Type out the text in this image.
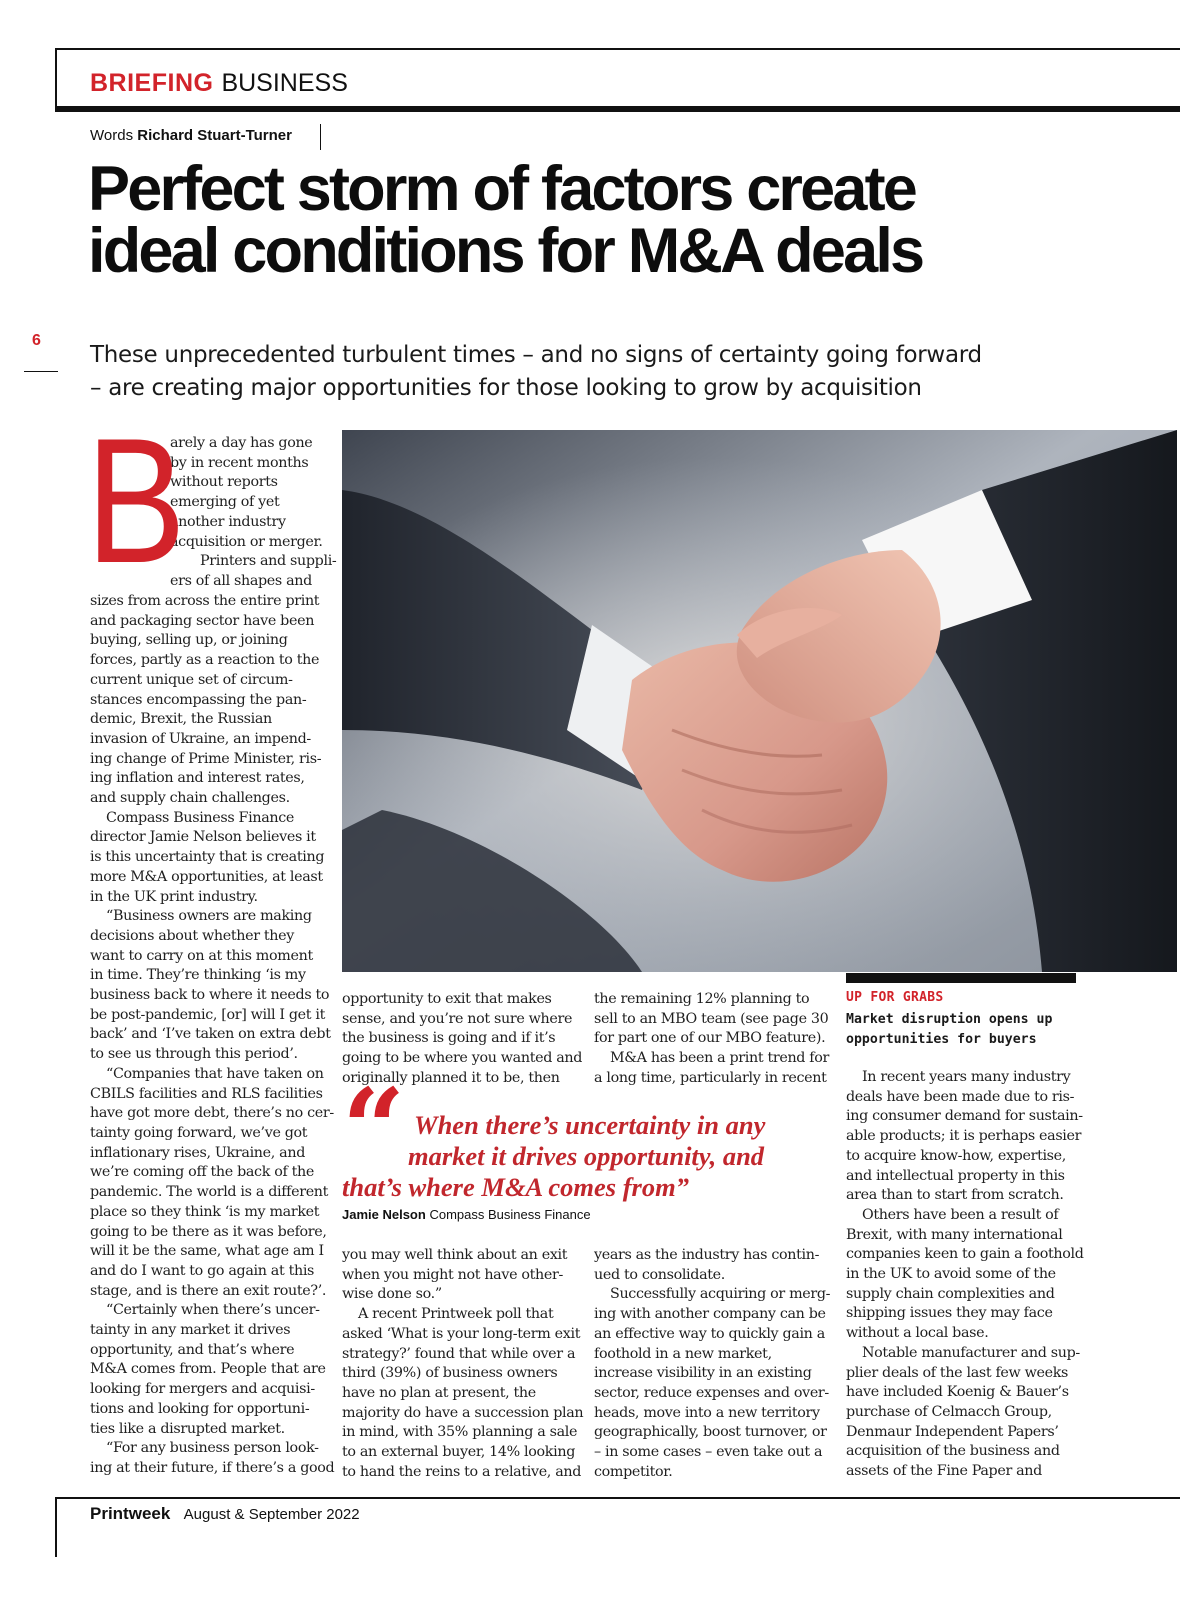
BRIEFING BUSINESS
Words Richard Stuart-Turner
Perfect storm of factors create
ideal conditions for M&A deals
6
These unprecedented turbulent times – and no signs of certainty going forward
– are creating major opportunities for those looking to grow by acquisition
B
arely a day has gone
by in recent months
without reports
emerging of yet
another industry
acquisition or merger.
Printers and suppli-
ers of all shapes and
sizes from across the entire print
and packaging sector have been
buying, selling up, or joining
forces, partly as a reaction to the
current unique set of circum-
stances encompassing the pan-
demic, Brexit, the Russian
invasion of Ukraine, an impend-
ing change of Prime Minister, ris-
ing inflation and interest rates,
and supply chain challenges.
Compass Business Finance
director Jamie Nelson believes it
is this uncertainty that is creating
more M&A opportunities, at least
in the UK print industry.
“Business owners are making
decisions about whether they
want to carry on at this moment
in time. They’re thinking ‘is my
business back to where it needs to
be post-pandemic, [or] will I get it
back’ and ‘I’ve taken on extra debt
to see us through this period’.
“Companies that have taken on
CBILS facilities and RLS facilities
have got more debt, there’s no cer-
tainty going forward, we’ve got
inflationary rises, Ukraine, and
we’re coming off the back of the
pandemic. The world is a different
place so they think ‘is my market
going to be there as it was before,
will it be the same, what age am I
and do I want to go again at this
stage, and is there an exit route?’.
“Certainly when there’s uncer-
tainty in any market it drives
opportunity, and that’s where
M&A comes from. People that are
looking for mergers and acquisi-
tions and looking for opportuni-
ties like a disrupted market.
“For any business person look-
ing at their future, if there’s a good
opportunity to exit that makes
sense, and you’re not sure where
the business is going and if it’s
going to be where you wanted and
originally planned it to be, then
the remaining 12% planning to
sell to an MBO team (see page 30
for part one of our MBO feature).
M&A has been a print trend for
a long time, particularly in recent
“ When there’s uncertainty in any
market it drives opportunity, and
that’s where M&A comes from”
Jamie Nelson Compass Business Finance
you may well think about an exit
when you might not have other-
wise done so.”
A recent Printweek poll that
asked ‘What is your long-term exit
strategy?’ found that while over a
third (39%) of business owners
have no plan at present, the
majority do have a succession plan
in mind, with 35% planning a sale
to an external buyer, 14% looking
to hand the reins to a relative, and
years as the industry has contin-
ued to consolidate.
Successfully acquiring or merg-
ing with another company can be
an effective way to quickly gain a
foothold in a new market,
increase visibility in an existing
sector, reduce expenses and over-
heads, move into a new territory
geographically, boost turnover, or
– in some cases – even take out a
competitor.
UP FOR GRABS
Market disruption opens up
opportunities for buyers
In recent years many industry
deals have been made due to ris-
ing consumer demand for sustain-
able products; it is perhaps easier
to acquire know-how, expertise,
and intellectual property in this
area than to start from scratch.
Others have been a result of
Brexit, with many international
companies keen to gain a foothold
in the UK to avoid some of the
supply chain complexities and
shipping issues they may face
without a local base.
Notable manufacturer and sup-
plier deals of the last few weeks
have included Koenig & Bauer’s
purchase of Celmacch Group,
Denmaur Independent Papers’
acquisition of the business and
assets of the Fine Paper and
Printweek August & September 2022
